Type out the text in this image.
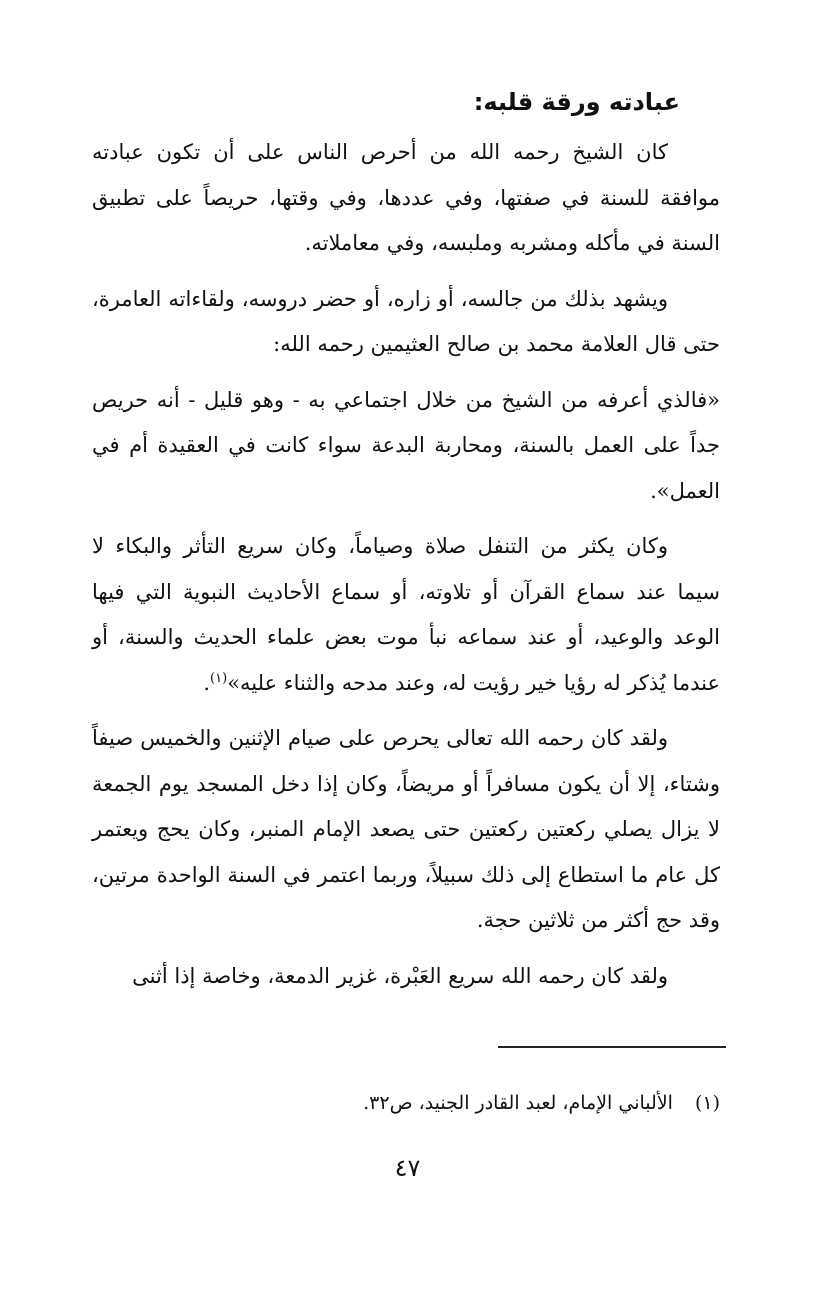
عبادته ورقة قلبه:

كان الشيخ رحمه الله من أحرص الناس على أن تكون عبادته موافقة للسنة في صفتها، وفي عددها، وفي وقتها، حريصاً على تطبيق السنة في مأكله ومشربه وملبسه، وفي معاملاته.

ويشهد بذلك من جالسه، أو زاره، أو حضر دروسه، ولقاءاته العامرة، حتى قال العلامة محمد بن صالح العثيمين رحمه الله:

«فالذي أعرفه من الشيخ من خلال اجتماعي به - وهو قليل - أنه حريص جداً على العمل بالسنة، ومحاربة البدعة سواء كانت في العقيدة أم في العمل».

وكان يكثر من التنفل صلاة وصياماً، وكان سريع التأثر والبكاء لا سيما عند سماع القرآن أو تلاوته، أو سماع الأحاديث النبوية التي فيها الوعد والوعيد، أو عند سماعه نبأ موت بعض علماء الحديث والسنة، أو عندما يُذكر له رؤيا خير رؤيت له، وعند مدحه والثناء عليه»$^{(١)}$.

ولقد كان رحمه الله تعالى يحرص على صيام الإثنين والخميس صيفاً وشتاء، إلا أن يكون مسافراً أو مريضاً، وكان إذا دخل المسجد يوم الجمعة لا يزال يصلي ركعتين ركعتين حتى يصعد الإمام المنبر، وكان يحج ويعتمر كل عام ما استطاع إلى ذلك سبيلاً، وربما اعتمر في السنة الواحدة مرتين، وقد حج أكثر من ثلاثين حجة.

ولقد كان رحمه الله سريع العَبْرة، غزير الدمعة، وخاصة إذا أثنى

(١)الألباني الإمام، لعبد القادر الجنيد، ص٣٢.
٤٧
